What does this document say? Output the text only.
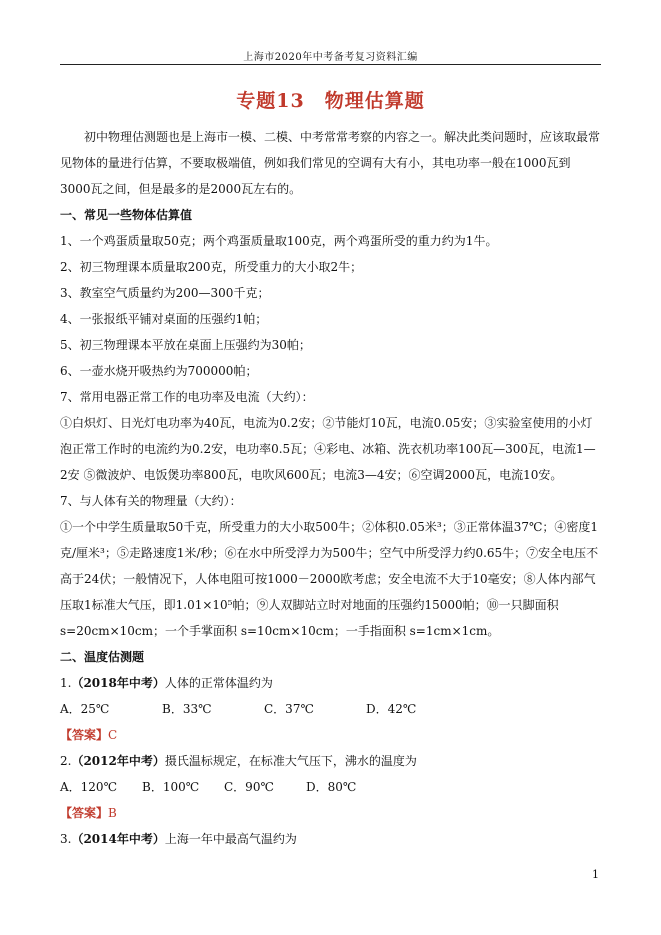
上海市2020年中考备考复习资料汇编
专题13　物理估算题

初中物理估测题也是上海市一模、二模、中考常常考察的内容之一。解决此类问题时，应该取最常见物体的量进行估算，不要取极端值，例如我们常见的空调有大有小，其电功率一般在1000瓦到3000瓦之间，但是最多的是2000瓦左右的。

一、常见一些物体估算值

1、一个鸡蛋质量取50克；两个鸡蛋质量取100克，两个鸡蛋所受的重力约为1牛。

2、初三物理课本质量取200克，所受重力的大小取2牛；

3、教室空气质量约为200—300千克；

4、一张报纸平铺对桌面的压强约1帕；

5、初三物理课本平放在桌面上压强约为30帕；

6、一壶水烧开吸热约为700000帕；

7、常用电器正常工作的电功率及电流（大约）：

①白炽灯、日光灯电功率为40瓦，电流为0.2安；②节能灯10瓦，电流0.05安；③实验室使用的小灯泡正常工作时的电流约为0.2安，电功率0.5瓦；④彩电、冰箱、洗衣机功率100瓦—300瓦，电流1—2安 ⑤微波炉、电饭煲功率800瓦，电吹风600瓦；电流3—4安；⑥空调2000瓦，电流10安。

7、与人体有关的物理量（大约）：

①一个中学生质量取50千克，所受重力的大小取500牛；②体积0.05米³；③正常体温37℃；④密度1克/厘米³；⑤走路速度1米/秒；⑥在水中所受浮力为500牛；空气中所受浮力约0.65牛；⑦安全电压不高于24伏；一般情况下，人体电阻可按1000－2000欧考虑；安全电流不大于10毫安；⑧人体内部气压取1标准大气压，即1.01×10⁵帕；⑨人双脚站立时对地面的压强约15000帕；⑩一只脚面积 s=20cm×10cm；一个手掌面积 s=10cm×10cm；一手指面积 s=1cm×1cm。

二、温度估测题

1.（2018年中考）人体的正常体温约为

A．25℃	B．33℃	C．37℃	D．42℃

【答案】C

2.（2012年中考）摄氏温标规定，在标准大气压下，沸水的温度为

A．120℃	B．100℃	C．90℃	D．80℃

【答案】B

3.（2014年中考）上海一年中最高气温约为

1
